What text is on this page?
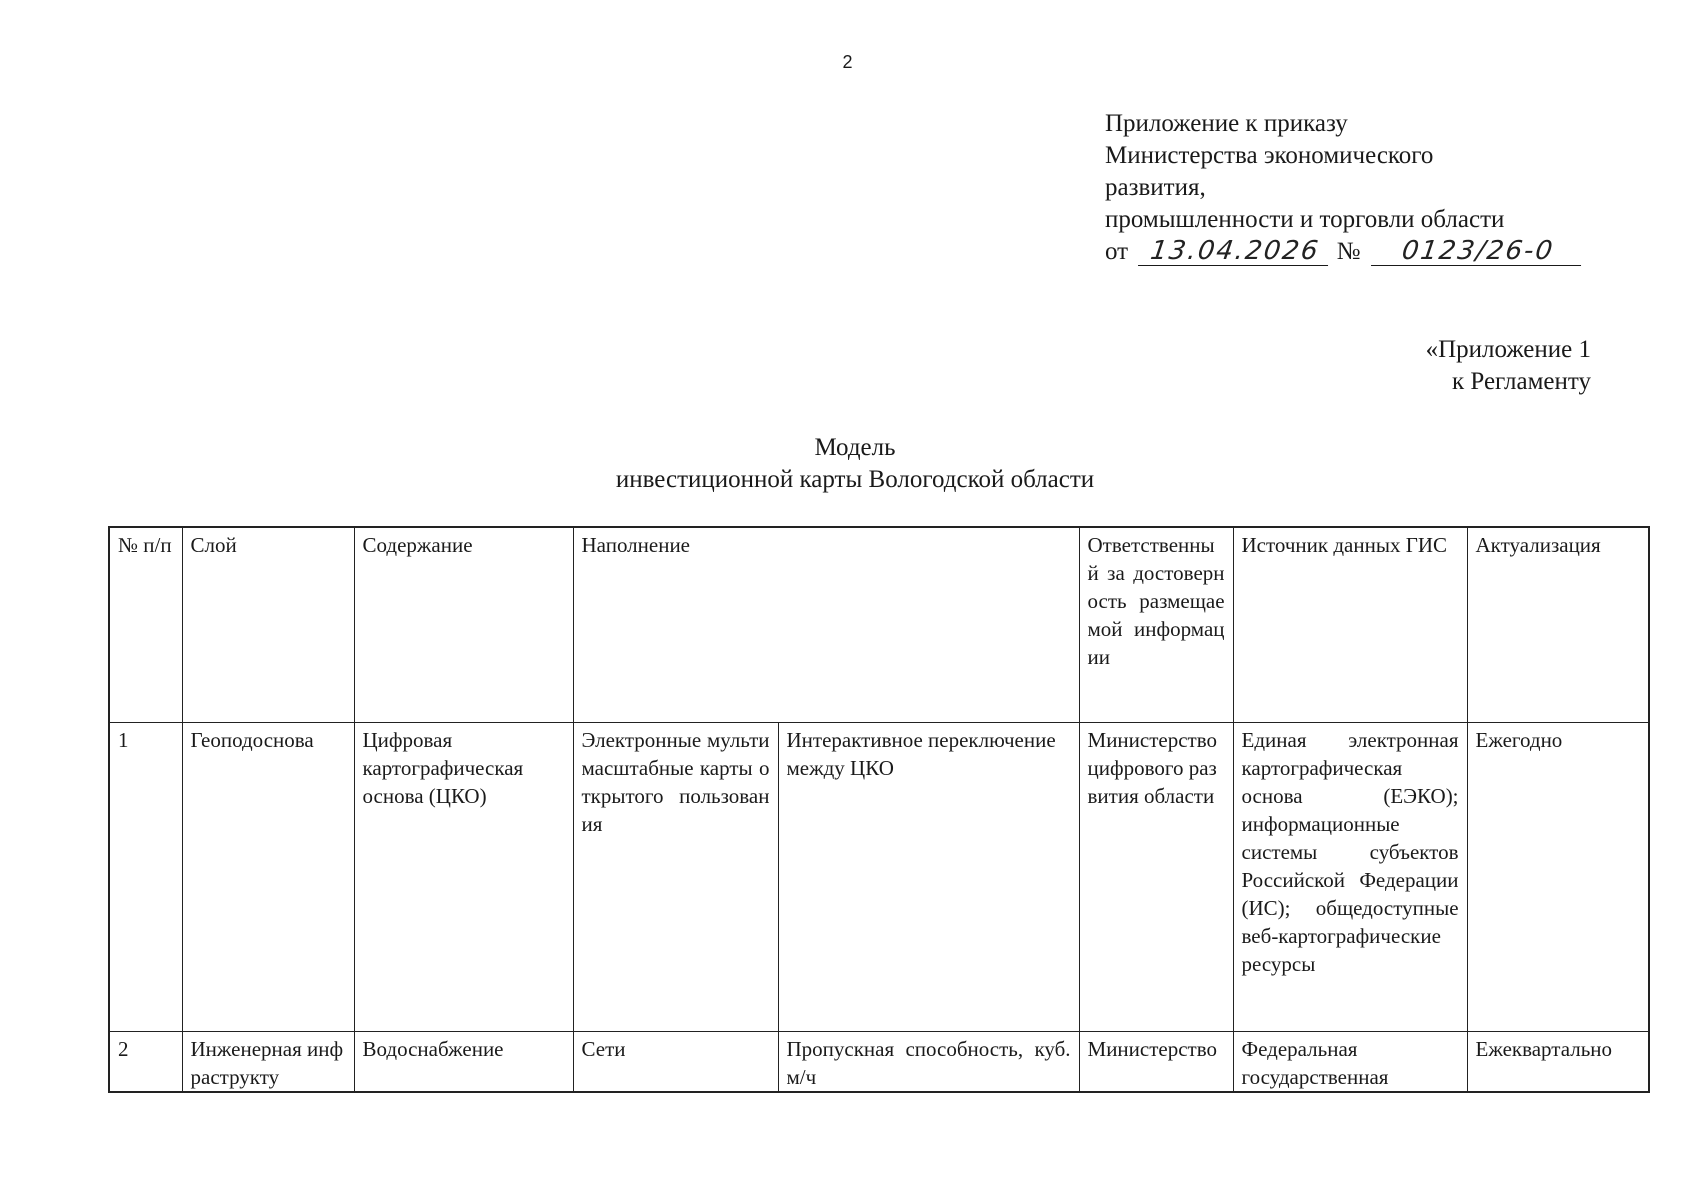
2
Приложение к приказу
Министерства экономического
развития,
промышленности и торговли области
от 13.04.2026 № 0123/26-0
«Приложение 1
к Регламенту
Модель
инвестиционной карты Вологодской области
№ п/п	Слой	Содержание	Наполнение		Ответственный за достоверность размещаемой информации	Источник данных ГИС	Актуализация

1	Геоподоснова	Цифровая картографическая основа (ЦКО)	Электронные мультимасштабные карты открытого пользования	Интерактивное переключение между ЦКО	Министерство цифрового развития области	Единая электронная картографическая основа (ЕЭКО); информационные системы субъектов Российской Федерации (ИС); общедоступные веб-картографические ресурсы	Ежегодно

2	Инженерная инфраструкту	Водоснабжение	Сети	Пропускная способность, куб. м/ч	Министерство	Федеральная государственная	Ежеквартально
